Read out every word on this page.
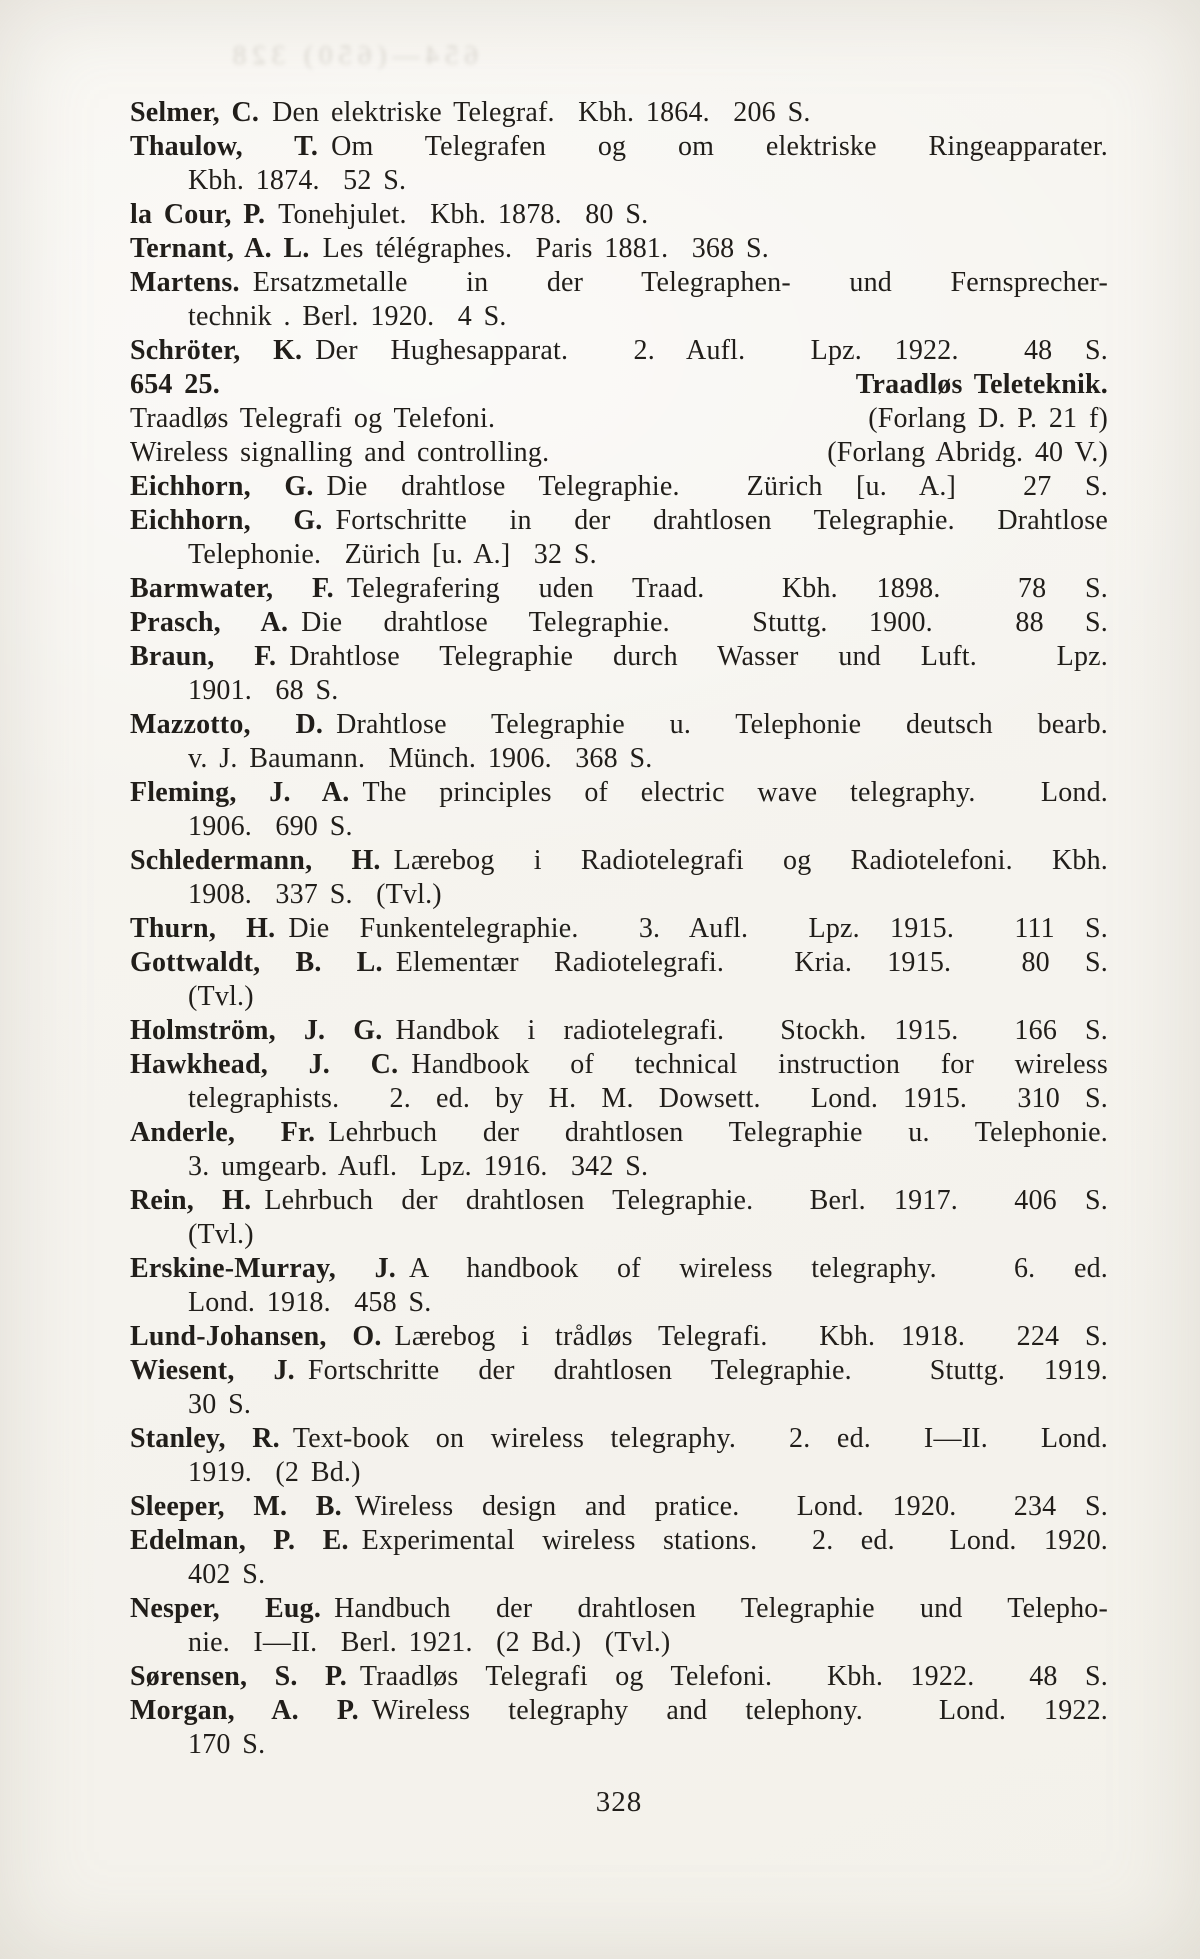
654—(650) 328

Selmer, C. Den elektriske Telegraf.  Kbh. 1864.  206 S.

Thaulow, T. Om Telegrafen og om elektriske Ringeapparater.
Kbh. 1874.  52 S.

la Cour, P. Tonehjulet.  Kbh. 1878.  80 S.

Ternant, A. L. Les télégraphes.  Paris 1881.  368 S.

Martens. Ersatzmetalle in der Telegraphen- und Fernsprecher-
technik . Berl. 1920.  4 S.

Schröter, K. Der Hughesapparat.  2. Aufl.  Lpz. 1922.  48 S.

654 25.	Traadløs Teleteknik.
Traadløs Telegrafi og Telefoni.	(Forlang D. P. 21 f)
Wireless signalling and controlling.	(Forlang Abridg. 40 V.)

Eichhorn, G. Die drahtlose Telegraphie.  Zürich [u. A.]  27 S.

Eichhorn, G. Fortschritte in der drahtlosen Telegraphie. Drahtlose
Telephonie.  Zürich [u. A.]  32 S.

Barmwater, F. Telegrafering uden Traad.  Kbh. 1898.  78 S.

Prasch, A. Die drahtlose Telegraphie.  Stuttg. 1900.  88 S.

Braun, F. Drahtlose Telegraphie durch Wasser und Luft.  Lpz.
1901.  68 S.

Mazzotto, D. Drahtlose Telegraphie u. Telephonie deutsch bearb.
v. J. Baumann.  Münch. 1906.  368 S.

Fleming, J. A. The principles of electric wave telegraphy.  Lond.
1906.  690 S.

Schledermann, H. Lærebog i Radiotelegrafi og Radiotelefoni. Kbh.
1908.  337 S.  (Tvl.)

Thurn, H. Die Funkentelegraphie.  3. Aufl.  Lpz. 1915.  111 S.

Gottwaldt, B. L. Elementær Radiotelegrafi.  Kria. 1915.  80 S.
(Tvl.)

Holmström, J. G. Handbok i radiotelegrafi.  Stockh. 1915.  166 S.

Hawkhead, J. C. Handbook of technical instruction for wireless
telegraphists.  2. ed. by H. M. Dowsett.  Lond. 1915.  310 S.

Anderle, Fr. Lehrbuch der drahtlosen Telegraphie u. Telephonie.
3. umgearb. Aufl.  Lpz. 1916.  342 S.

Rein, H. Lehrbuch der drahtlosen Telegraphie.  Berl. 1917.  406 S.
(Tvl.)

Erskine-Murray, J. A handbook of wireless telegraphy.  6. ed.
Lond. 1918.  458 S.

Lund-Johansen, O. Lærebog i trådløs Telegrafi.  Kbh. 1918.  224 S.

Wiesent, J. Fortschritte der drahtlosen Telegraphie.  Stuttg. 1919.
30 S.

Stanley, R. Text-book on wireless telegraphy.  2. ed.  I—II.  Lond.
1919.  (2 Bd.)

Sleeper, M. B. Wireless design and pratice.  Lond. 1920.  234 S.

Edelman, P. E. Experimental wireless stations.  2. ed.  Lond. 1920.
402 S.

Nesper, Eug. Handbuch der drahtlosen Telegraphie und Telepho-
nie.  I—II.  Berl. 1921.  (2 Bd.)  (Tvl.)

Sørensen, S. P. Traadløs Telegrafi og Telefoni.  Kbh. 1922.  48 S.

Morgan, A. P. Wireless telegraphy and telephony.  Lond. 1922.
170 S.

328
